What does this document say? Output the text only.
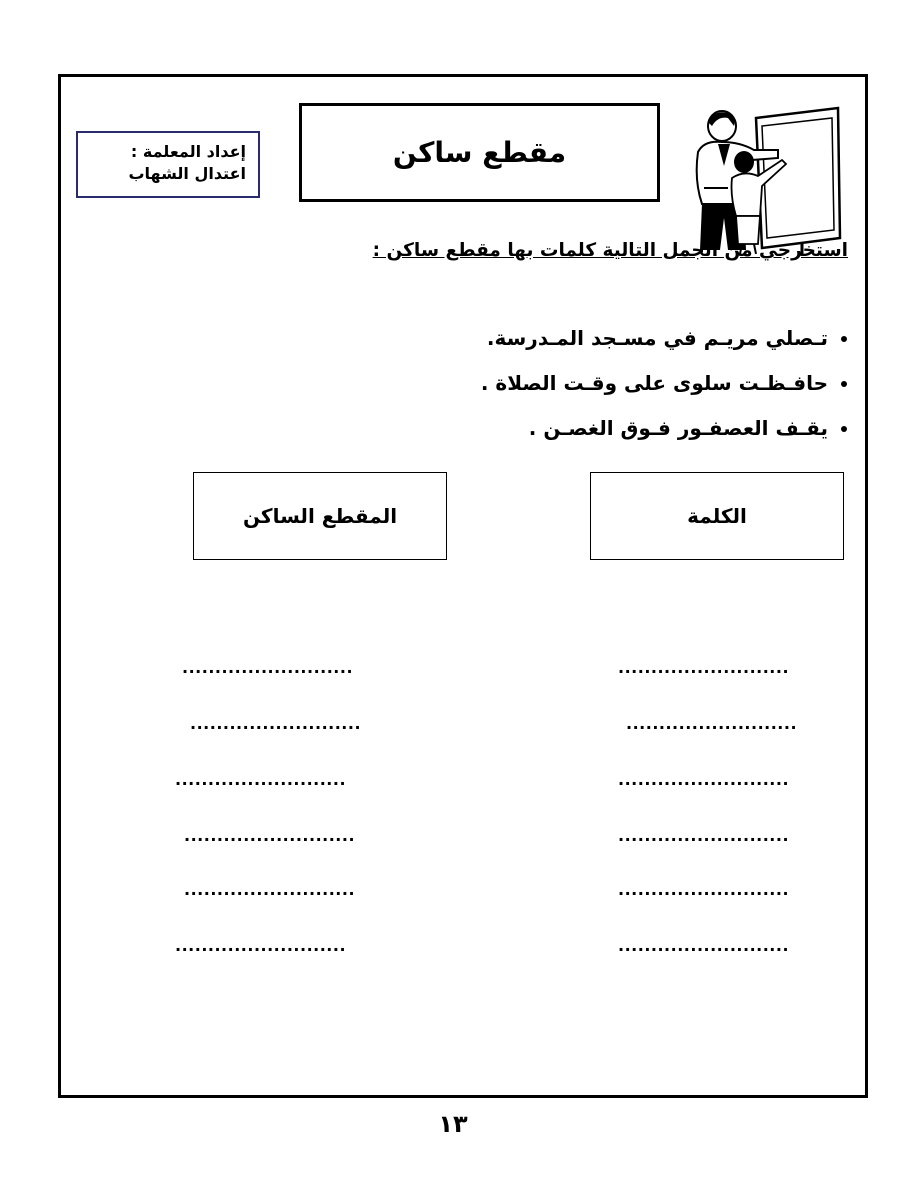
إعداد المعلمة :
اعتدال الشهاب
مقطع ساكن
استخرجي من الجمل التالية كلمات بها مقطع ساكن :
• تـصلي مريـم في مسـجد المـدرسة.
• حافـظـت سلوى على وقـت الصلاة .
• يقـف العصفـور فـوق الغصـن .
الكلمة
المقطع الساكن
..........................
..........................
..........................
..........................
..........................
..........................
..........................
..........................
..........................
..........................
..........................
..........................
١٣
